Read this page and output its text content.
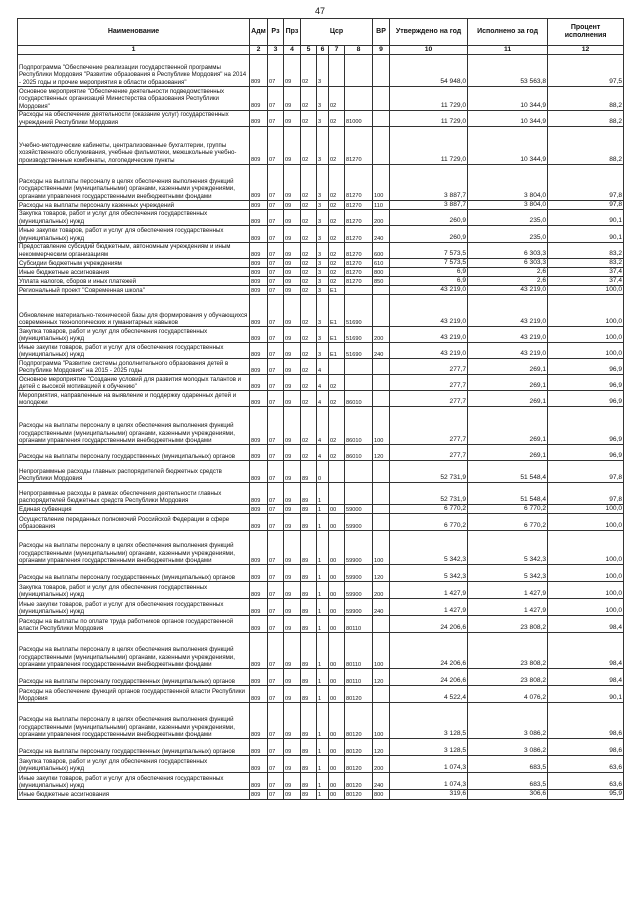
47
Наименование	Адм	Рз	Прз	Цср				ВР	Утверждено на год	Исполнено за год	Процент исполнения
1	2	3	4	5	6	7	8	9	10	11	12
Подпрограмма "Обеспечение реализации государственной программы Республики Мордовия "Развитие образования в Республике Мордовия" на 2014 - 2025 годы и прочие мероприятия в области образования"	809	07	09	02	3				54 948,0	53 563,8	97,5
Основное мероприятие "Обеспечение деятельности подведомственных государственных организаций Министерства образования Республики Мордовия"	809	07	09	02	3	02			11 729,0	10 344,9	88,2
Расходы на обеспечение деятельности (оказание услуг) государственных учреждений Республики Мордовия	809	07	09	02	3	02	81000		11 729,0	10 344,9	88,2
Учебно-методические кабинеты, централизованные бухгалтерии, группы хозяйственного обслуживания, учебные фильмотеки, межшкольные учебно-производственные комбинаты, логопедические пункты	809	07	09	02	3	02	81270		11 729,0	10 344,9	88,2
Расходы на выплаты персоналу в целях обеспечения выполнения функций государственными (муниципальными) органами, казенными учреждениями, органами управления государственными внебюджетными фондами	809	07	09	02	3	02	81270	100	3 887,7	3 804,0	97,8
Расходы на выплаты персоналу казенных учреждений	809	07	09	02	3	02	81270	110	3 887,7	3 804,0	97,8
Закупка товаров, работ и услуг для обеспечения государственных (муниципальных) нужд	809	07	09	02	3	02	81270	200	260,9	235,0	90,1
Иные закупки товаров, работ и услуг для обеспечения государственных (муниципальных) нужд	809	07	09	02	3	02	81270	240	260,9	235,0	90,1
Предоставление субсидий бюджетным, автономным учреждениям и иным некоммерческим организациям	809	07	09	02	3	02	81270	600	7 573,5	6 303,3	83,2
Субсидии бюджетным учреждениям	809	07	09	02	3	02	81270	610	7 573,5	6 303,3	83,2
Иные бюджетные ассигнования	809	07	09	02	3	02	81270	800	6,9	2,6	37,4
Уплата налогов, сборов и иных платежей	809	07	09	02	3	02	81270	850	6,9	2,6	37,4
Региональный проект "Современная школа"	809	07	09	02	3	E1			43 219,0	43 219,0	100,0
Обновление материально-технической базы для формирования у обучающихся современных технологических и гуманитарных навыков	809	07	09	02	3	E1	51690		43 219,0	43 219,0	100,0
Закупка товаров, работ и услуг для обеспечения государственных (муниципальных) нужд	809	07	09	02	3	E1	51690	200	43 219,0	43 219,0	100,0
Иные закупки товаров, работ и услуг для обеспечения государственных (муниципальных) нужд	809	07	09	02	3	E1	51690	240	43 219,0	43 219,0	100,0
Подпрограмма "Развитие системы дополнительного образования детей в Республике Мордовия" на 2015 - 2025 годы	809	07	09	02	4				277,7	269,1	96,9
Основное мероприятие "Создание условий для развития молодых талантов и детей с высокой мотивацией к обучению"	809	07	09	02	4	02			277,7	269,1	96,9
Мероприятия, направленные на выявление и поддержку одаренных детей и молодежи	809	07	09	02	4	02	86010		277,7	269,1	96,9
Расходы на выплаты персоналу в целях обеспечения выполнения функций государственными (муниципальными) органами, казенными учреждениями, органами управления государственными внебюджетными фондами	809	07	09	02	4	02	86010	100	277,7	269,1	96,9
Расходы на выплаты персоналу государственных (муниципальных) органов	809	07	09	02	4	02	86010	120	277,7	269,1	96,9
Непрограммные расходы главных распорядителей бюджетных средств Республики Мордовия	809	07	09	89	0				52 731,9	51 548,4	97,8
Непрограммные расходы в рамках обеспечения деятельности главных распорядителей бюджетных средств Республики Мордовия	809	07	09	89	1				52 731,9	51 548,4	97,8
Единая субвенция	809	07	09	89	1	00	59000		6 770,2	6 770,2	100,0
Осуществление переданных полномочий Российской Федерации в сфере образования	809	07	09	89	1	00	59900		6 770,2	6 770,2	100,0
Расходы на выплаты персоналу в целях обеспечения выполнения функций государственными (муниципальными) органами, казенными учреждениями, органами управления государственными внебюджетными фондами	809	07	09	89	1	00	59900	100	5 342,3	5 342,3	100,0
Расходы на выплаты персоналу государственных (муниципальных) органов	809	07	09	89	1	00	59900	120	5 342,3	5 342,3	100,0
Закупка товаров, работ и услуг для обеспечения государственных (муниципальных) нужд	809	07	09	89	1	00	59900	200	1 427,9	1 427,9	100,0
Иные закупки товаров, работ и услуг для обеспечения государственных (муниципальных) нужд	809	07	09	89	1	00	59900	240	1 427,9	1 427,9	100,0
Расходы на выплаты по оплате труда работников органов государственной власти Республики Мордовия	809	07	09	89	1	00	80110		24 206,6	23 808,2	98,4
Расходы на выплаты персоналу в целях обеспечения выполнения функций государственными (муниципальными) органами, казенными учреждениями, органами управления государственными внебюджетными фондами	809	07	09	89	1	00	80110	100	24 206,6	23 808,2	98,4
Расходы на выплаты персоналу государственных (муниципальных) органов	809	07	09	89	1	00	80110	120	24 206,6	23 808,2	98,4
Расходы на обеспечение функций органов государственной власти Республики Мордовия	809	07	09	89	1	00	80120		4 522,4	4 076,2	90,1
Расходы на выплаты персоналу в целях обеспечения выполнения функций государственными (муниципальными) органами, казенными учреждениями, органами управления государственными внебюджетными фондами	809	07	09	89	1	00	80120	100	3 128,5	3 086,2	98,6
Расходы на выплаты персоналу государственных (муниципальных) органов	809	07	09	89	1	00	80120	120	3 128,5	3 086,2	98,6
Закупка товаров, работ и услуг для обеспечения государственных (муниципальных) нужд	809	07	09	89	1	00	80120	200	1 074,3	683,5	63,6
Иные закупки товаров, работ и услуг для обеспечения государственных (муниципальных) нужд	809	07	09	89	1	00	80120	240	1 074,3	683,5	63,6
Иные бюджетные ассигнования	809	07	09	89	1	00	80120	800	319,6	306,6	95,9
